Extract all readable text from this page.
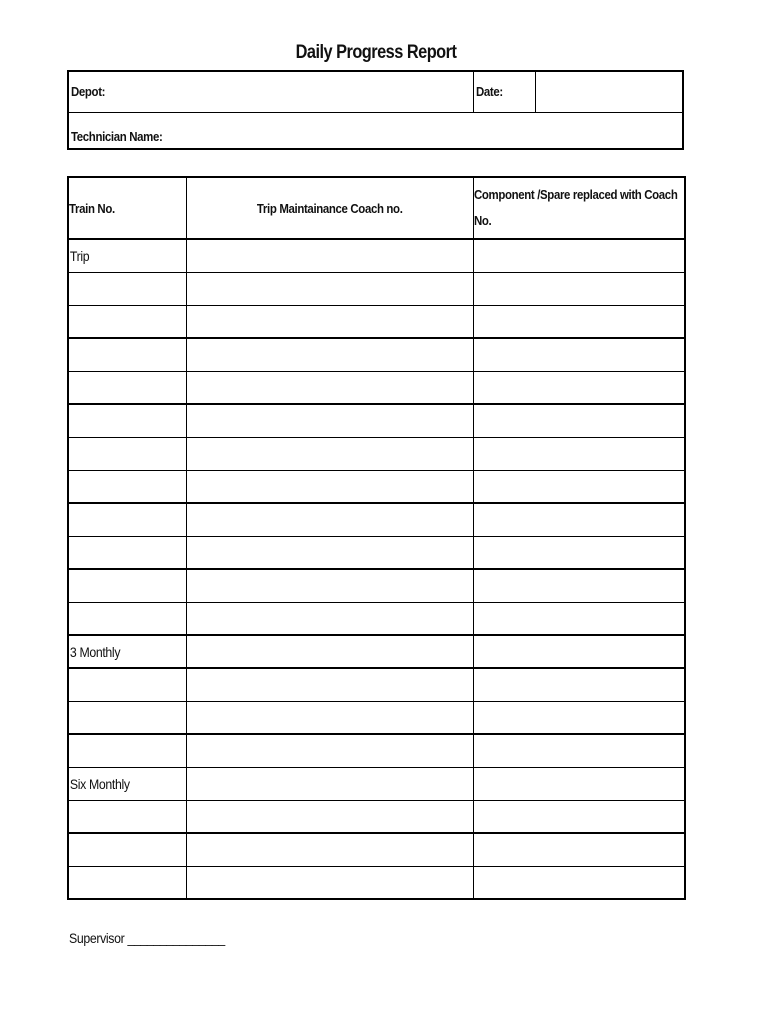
Daily Progress Report
Depot:	Date:
Technician Name:
Train No.	Trip Maintainance Coach no.	Component /Spare replaced with Coach No.
Trip		

3 Monthly		

Six Monthly		

Supervisor _______________
